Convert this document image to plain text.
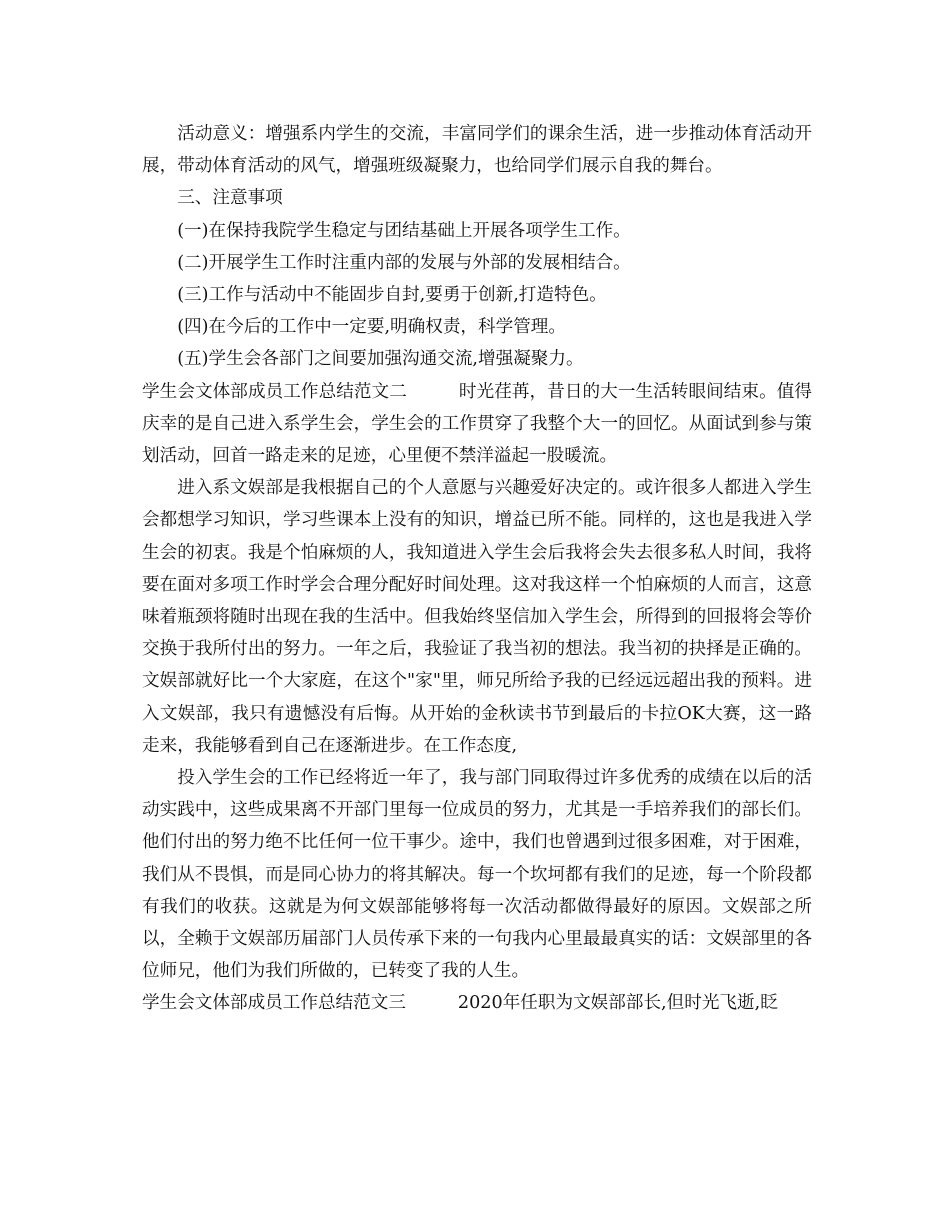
活动意义：增强系内学生的交流，丰富同学们的课余生活，进一步推动体育活动开展，带动体育活动的风气，增强班级凝聚力，也给同学们展示自我的舞台。

三、注意事项

(一)在保持我院学生稳定与团结基础上开展各项学生工作。

(二)开展学生工作时注重内部的发展与外部的发展相结合。

(三)工作与活动中不能固步自封,要勇于创新,打造特色。

(四)在今后的工作中一定要,明确权责，科学管理。

(五)学生会各部门之间要加强沟通交流,增强凝聚力。

学生会文体部成员工作总结范文二	时光荏苒，昔日的大一生活转眼间结束。值得庆幸的是自己进入系学生会，学生会的工作贯穿了我整个大一的回忆。从面试到参与策划活动，回首一路走来的足迹，心里便不禁洋溢起一股暖流。

进入系文娱部是我根据自己的个人意愿与兴趣爱好决定的。或许很多人都进入学生会都想学习知识，学习些课本上没有的知识，增益已所不能。同样的，这也是我进入学生会的初衷。我是个怕麻烦的人，我知道进入学生会后我将会失去很多私人时间，我将要在面对多项工作时学会合理分配好时间处理。这对我这样一个怕麻烦的人而言，这意味着瓶颈将随时出现在我的生活中。但我始终坚信加入学生会，所得到的回报将会等价交换于我所付出的努力。一年之后，我验证了我当初的想法。我当初的抉择是正确的。文娱部就好比一个大家庭，在这个"家"里，师兄所给予我的已经远远超出我的预料。进入文娱部，我只有遗憾没有后悔。从开始的金秋读书节到最后的卡拉OK大赛，这一路走来，我能够看到自己在逐渐进步。在工作态度,

投入学生会的工作已经将近一年了，我与部门同取得过许多优秀的成绩在以后的活动实践中，这些成果离不开部门里每一位成员的努力，尤其是一手培养我们的部长们。他们付出的努力绝不比任何一位干事少。途中，我们也曾遇到过很多困难，对于困难，我们从不畏惧，而是同心协力的将其解决。每一个坎坷都有我们的足迹，每一个阶段都有我们的收获。这就是为何文娱部能够将每一次活动都做得最好的原因。文娱部之所以，全赖于文娱部历届部门人员传承下来的一句我内心里最最真实的话：文娱部里的各位师兄，他们为我们所做的，已转变了我的人生。

学生会文体部成员工作总结范文三	2020年任职为文娱部部长,但时光飞逝,眨
